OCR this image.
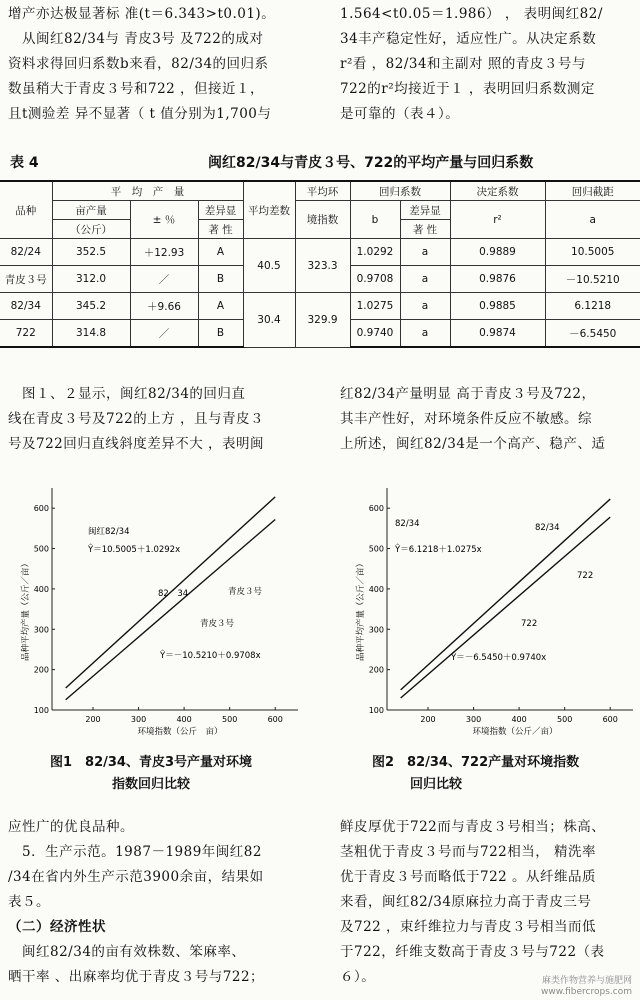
增产亦达极显著标 准(t＝6.343>t0.01)。
　从闽红82/34与 青皮3号 及722的成对
资料求得回归系数b来看，82/34的回归系
数虽稍大于青皮３号和722 ，但接近１，
且t测验差 异不显著（ t 值分别为1,700与
1.564<t0.05＝1.986） ， 表明闽红82/
34丰产稳定性好，适应性广。从决定系数
r²看 ，82/34和主副对 照的青皮３号与
722的r²均接近于１ ，表明回归系数测定
是可靠的（表４）。
表 4	闽红82/34与青皮３号、722的平均产量与回归系数
品种	平　均　产　量			平均差数	平均环	回归系数		决定系数	回归截距
	亩产量	± ％	差异显		境指数	b	差异显	r²	a
	（公斤）		著 性				著 性		
82/24	352.5	＋12.93	A	40.5	323.3	1.0292	a	0.9889	10.5005
青皮３号	312.0	／	B			0.9708	a	0.9876	－10.5210
82/34	345.2	＋9.66	A	30.4	329.9	1.0275	a	0.9885	6.1218
722	314.8	／	B			0.9740	a	0.9874	－6.5450
　图１、２显示，闽红82/34的回归直
线在青皮３号及722的上方 ，且与青皮３
号及722回归直线斜度差异不大 ，表明闽
红82/34产量明显 高于青皮３号及722，
其丰产性好，对环境条件反应不敏感。综
上所述，闽红82/34是一个高产、稳产、适
200	300	400	500	600
100
200
300
400
500
600
闽红82/34
Ŷ＝10.5005＋1.0292x
82　34	青皮３号
青皮３号
Ŷ＝－10.5210＋0.9708x
环境指数（公斤　亩）
品种平均产量（公斤／亩）
200	300	400	500	600
100
200
300
400
500
600
82/34
Ŷ＝6.1218＋1.0275x
82/34
722
722
Ŷ＝－6.5450＋0.9740x
环境指数（公斤／亩）
品种平均产量（公斤／亩）
图1　82/34、青皮3号产量对环境
指数回归比较
图2　82/34、722产量对环境指数
回归比较
应性广的优良品种。
　5．生产示范。1987－1989年闽红82
/34在省内外生产示范3900余亩，结果如
表５。
（二）经济性状
　闽红82/34的亩有效株数、笨麻率、
晒干率 、出麻率均优于青皮３号与722；
鲜皮厚优于722而与青皮３号相当；株高、
茎粗优于青皮３号而与722相当， 精洗率
优于青皮３号而略低于722 。从纤维品质
来看，闽红82/34原麻拉力高于青皮三号
及722 ，束纤维拉力与青皮３号相当而低
于722，纤维支数高于青皮３号与722（表
６）。	麻类作物营养与施肥网
www.fibercrops.com
